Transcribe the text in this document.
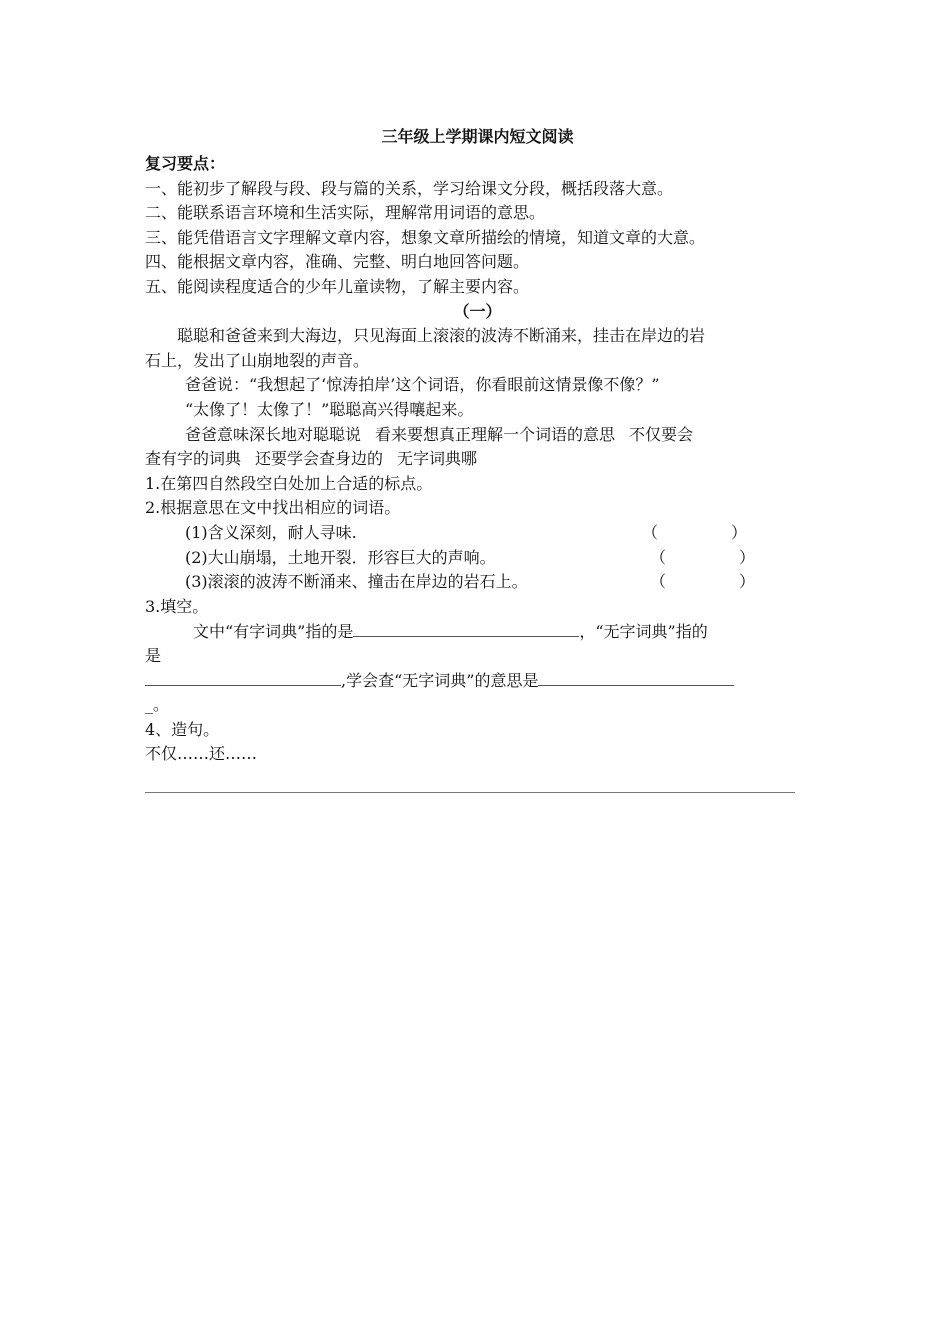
三年级上学期课内短文阅读
复习要点：
一、能初步了解段与段、段与篇的关系，学习给课文分段，概括段落大意。
二、能联系语言环境和生活实际，理解常用词语的意思。
三、能凭借语言文字理解文章内容，想象文章所描绘的情境，知道文章的大意。
四、能根据文章内容，准确、完整、明白地回答问题。
五、能阅读程度适合的少年儿童读物，了解主要内容。
（一）
聪聪和爸爸来到大海边，只见海面上滚滚的波涛不断涌来，挂击在岸边的岩
石上，发出了山崩地裂的声音。
爸爸说：“我想起了‘惊涛拍岸’这个词语，你看眼前这情景像不像？”
“太像了！太像了！”聪聪高兴得嚷起来。
爸爸意味深长地对聪聪说 看来要想真正理解一个词语的意思 不仅要会
查有字的词典 还要学会查身边的 无字词典哪
1.在第四自然段空白处加上合适的标点。
2.根据意思在文中找出相应的词语。
(1)含义深刻，耐人寻味.	（	）
(2)大山崩塌，土地开裂．形容巨大的声响。	（	）
(3)滚滚的波涛不断涌来、撞击在岸边的岩石上。	（	）
3.填空。
文中“有字词典”指的是	，“无字词典”指的
是
,学会查“无字词典”的意思是
_。
4、造句。
不仅……还……
